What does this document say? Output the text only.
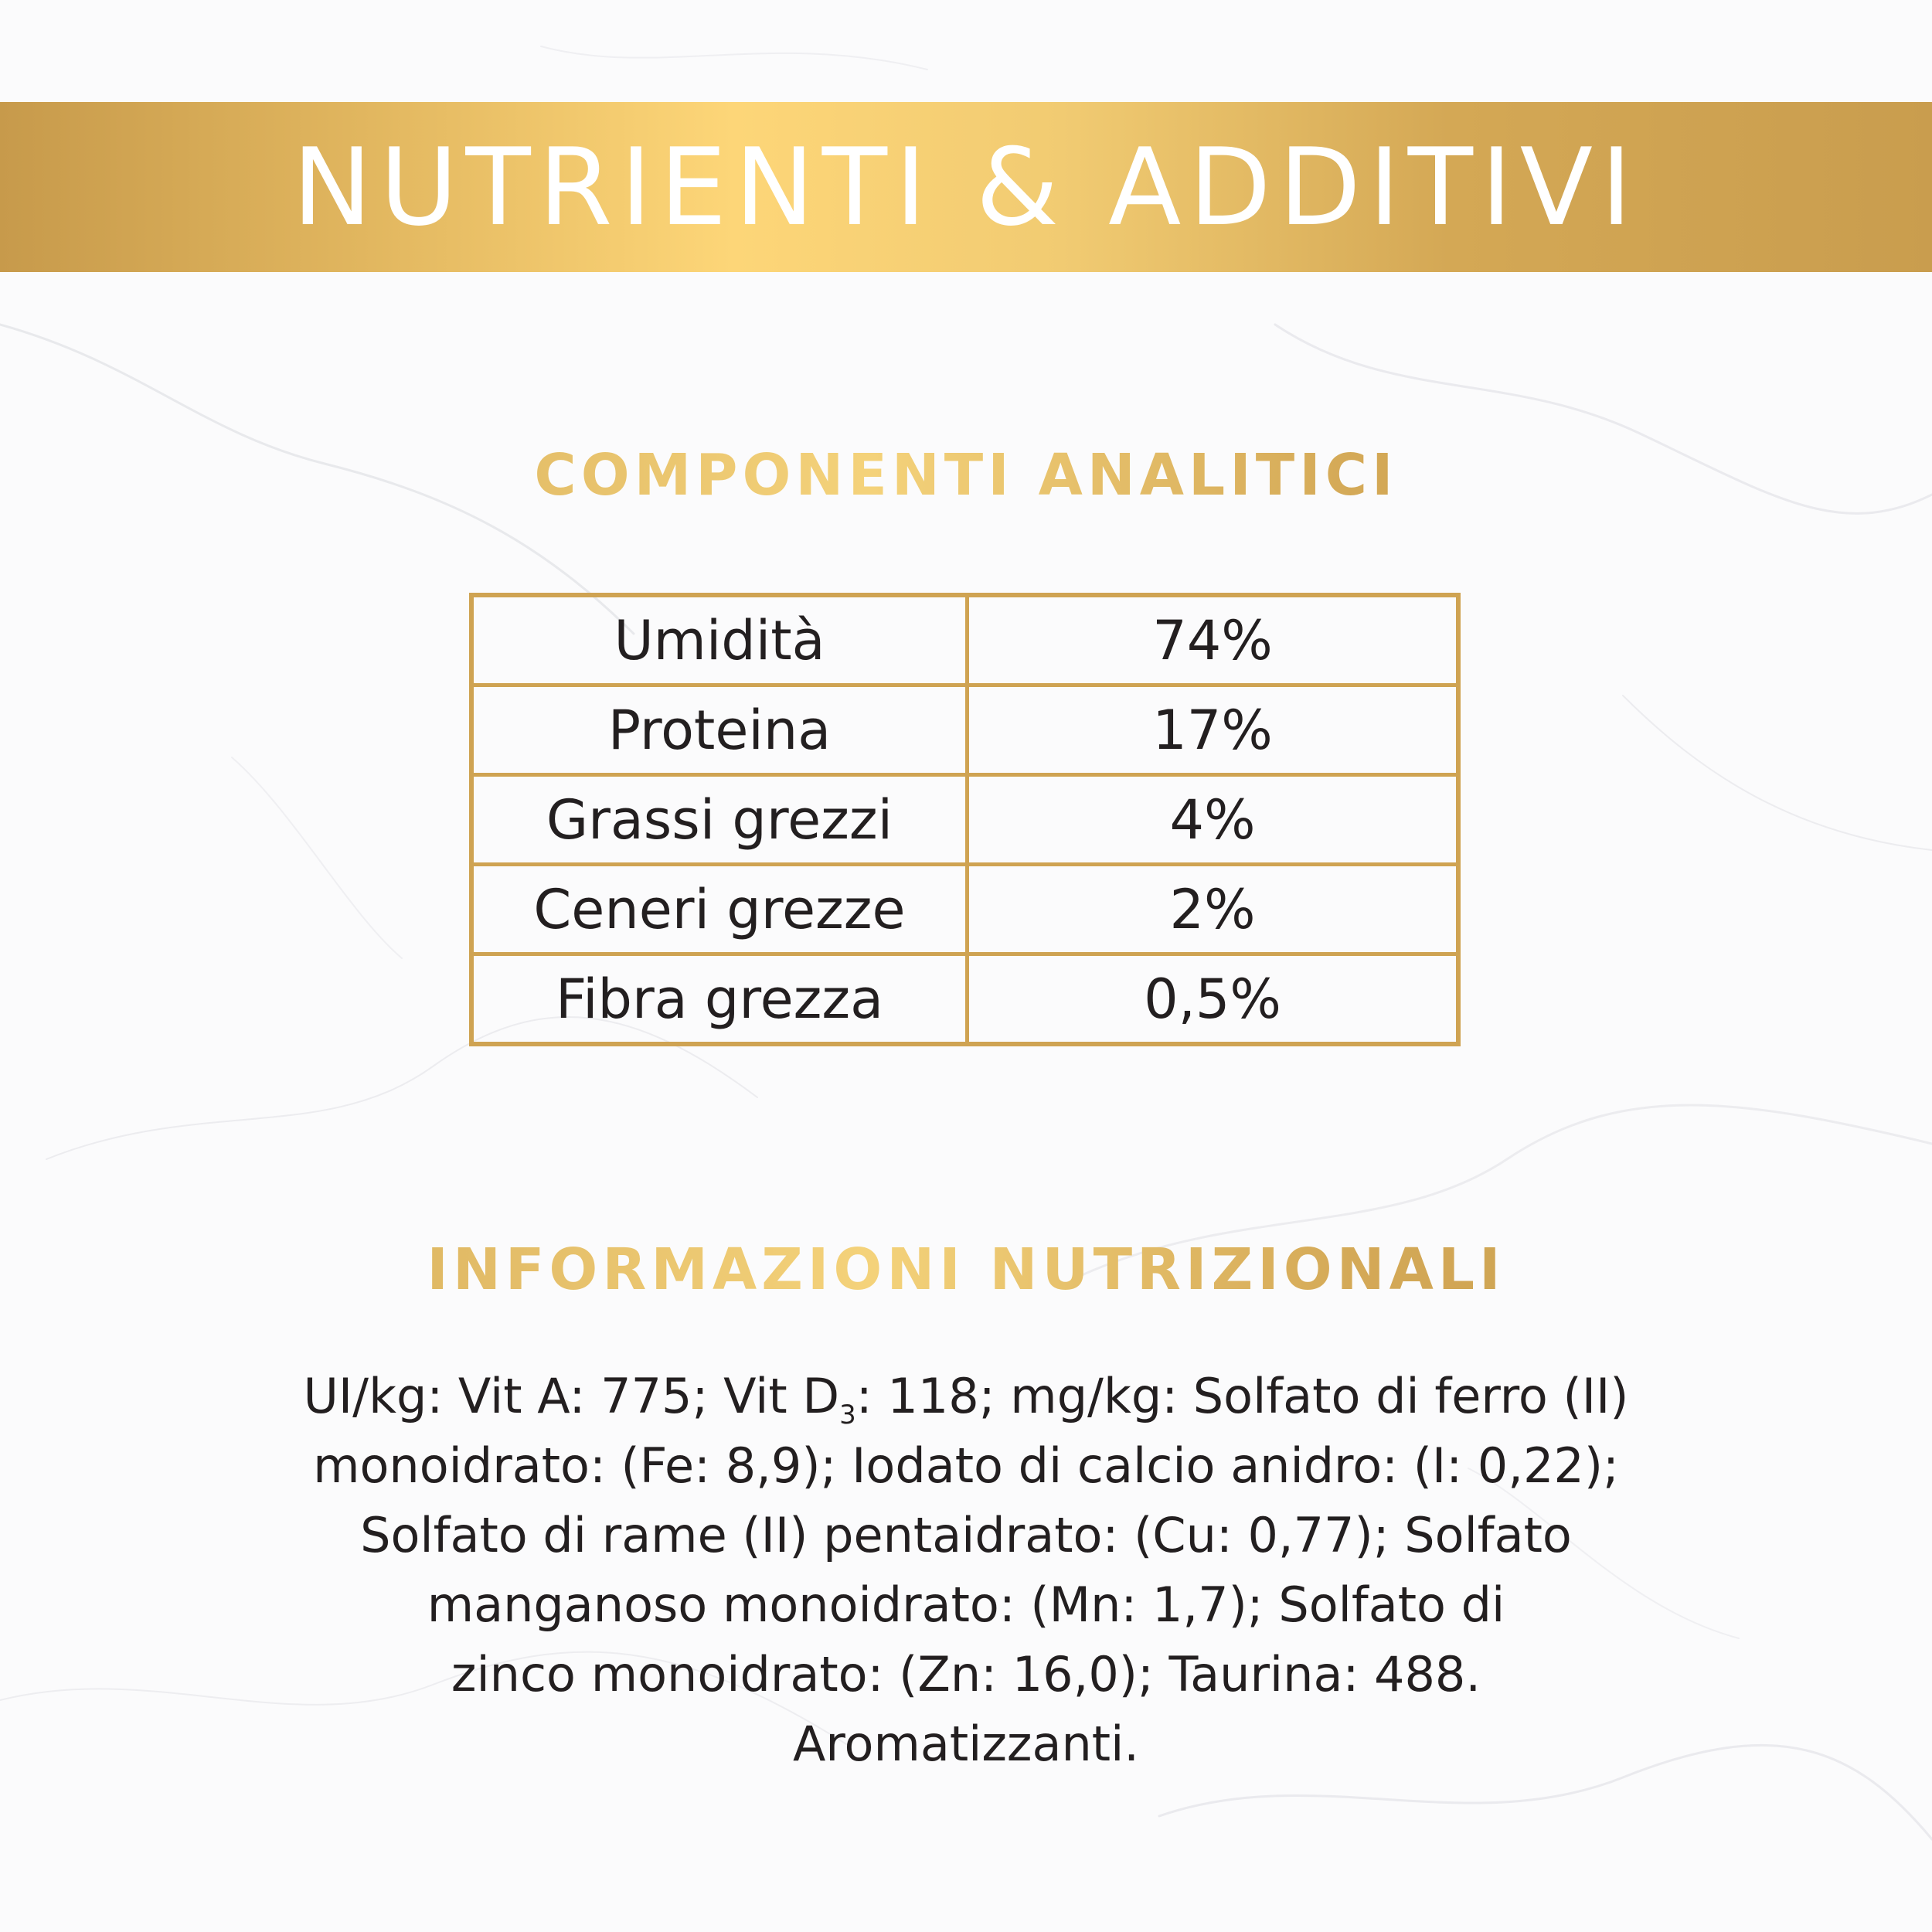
NUTRIENTI & ADDITIVI
COMPONENTI ANALITICI
Umidità	74%
Proteina	17%
Grassi grezzi	4%
Ceneri grezze	2%
Fibra grezza	0,5%
INFORMAZIONI NUTRIZIONALI
UI/kg: Vit A: 775; Vit $D_3$: 118; mg/kg: Solfato di ferro (II)
monoidrato: (Fe: 8,9); Iodato di calcio anidro: (I: 0,22);
Solfato di rame (II) pentaidrato: (Cu: 0,77); Solfato
manganoso monoidrato: (Mn: 1,7); Solfato di
zinco monoidrato: (Zn: 16,0); Taurina: 488.
Aromatizzanti.
